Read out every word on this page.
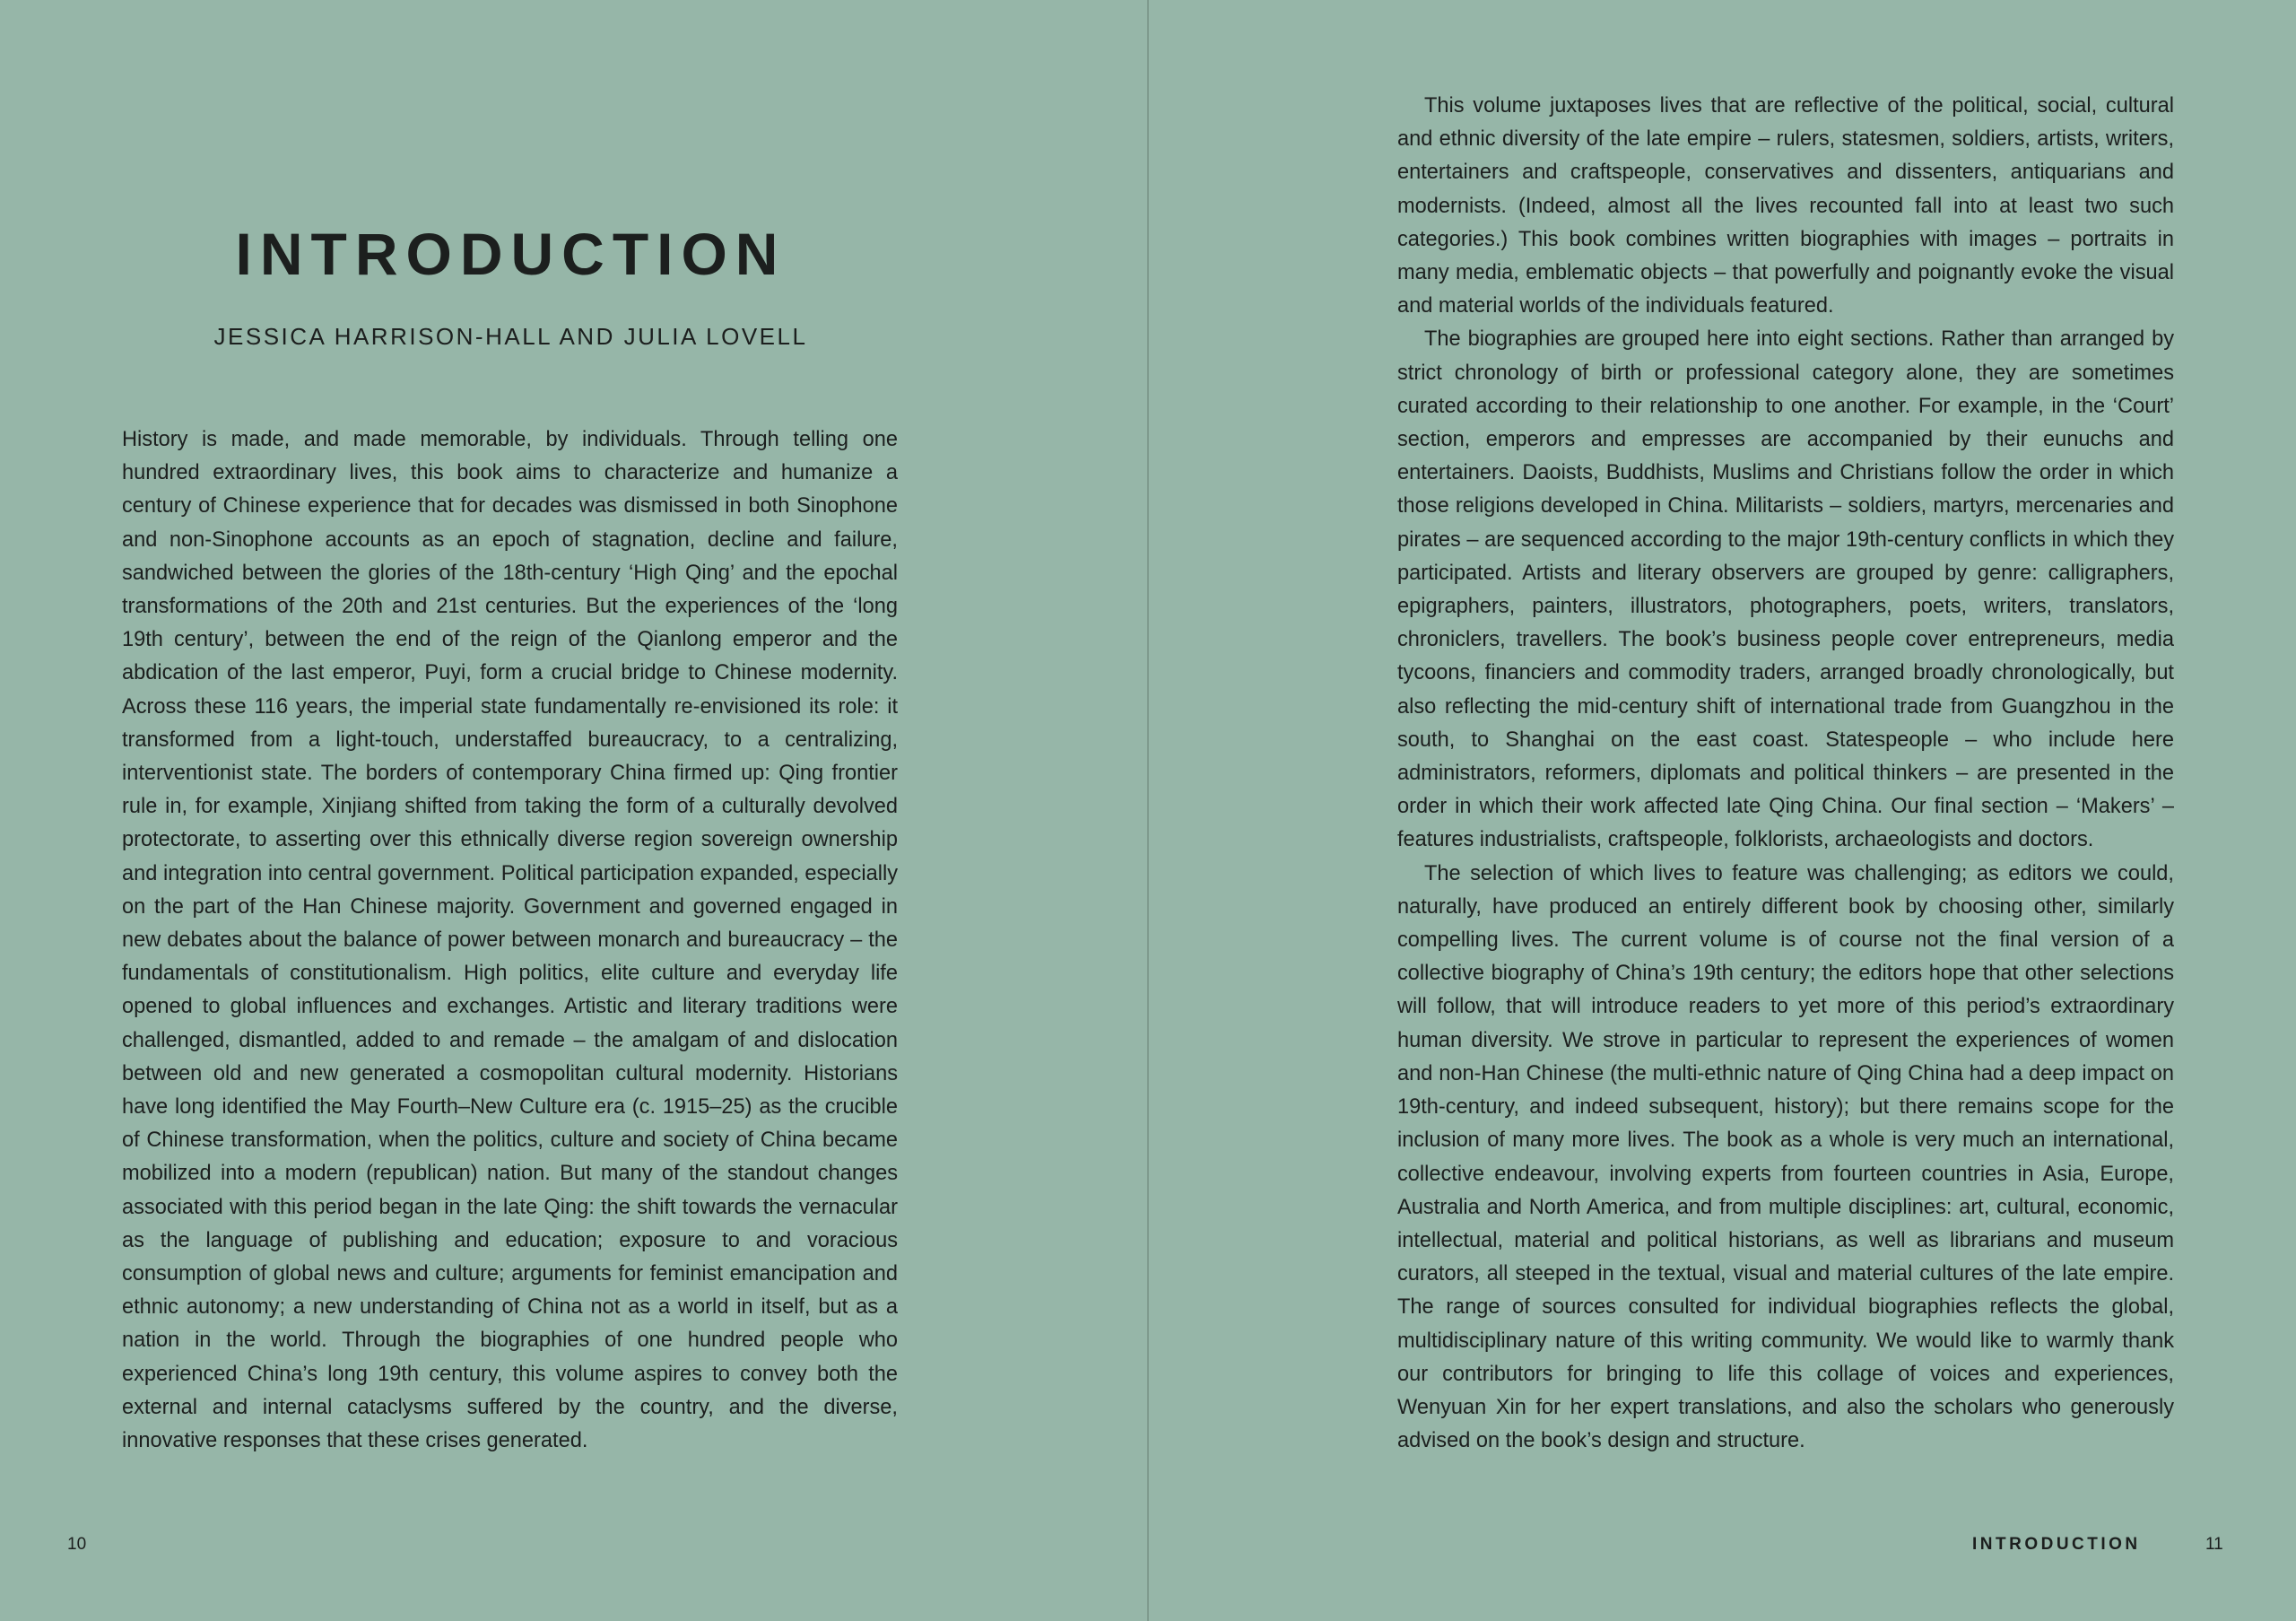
INTRODUCTION
JESSICA HARRISON-HALL AND JULIA LOVELL

History is made, and made memorable, by individuals. Through telling one hundred extraordinary lives, this book aims to characterize and humanize a century of Chinese experience that for decades was dismissed in both Sinophone and non-Sinophone accounts as an epoch of stagnation, decline and failure, sandwiched between the glories of the 18th-century ‘High Qing’ and the epochal transformations of the 20th and 21st centuries. But the experiences of the ‘long 19th century’, between the end of the reign of the Qianlong emperor and the abdication of the last emperor, Puyi, form a crucial bridge to Chinese modernity. Across these 116 years, the imperial state fundamentally re-envisioned its role: it transformed from a light-touch, understaffed bureaucracy, to a centralizing, interventionist state. The borders of contemporary China firmed up: Qing frontier rule in, for example, Xinjiang shifted from taking the form of a culturally devolved protectorate, to asserting over this ethnically diverse region sovereign ownership and integration into central government. Political participation expanded, especially on the part of the Han Chinese majority. Government and governed engaged in new debates about the balance of power between monarch and bureaucracy – the fundamentals of constitutionalism. High politics, elite culture and everyday life opened to global influences and exchanges. Artistic and literary traditions were challenged, dismantled, added to and remade – the amalgam of and dislocation between old and new generated a cosmopolitan cultural modernity. Historians have long identified the May Fourth–New Culture era (c. 1915–25) as the crucible of Chinese transformation, when the politics, culture and society of China became mobilized into a modern (republican) nation. But many of the standout changes associated with this period began in the late Qing: the shift towards the vernacular as the language of publishing and education; exposure to and voracious consumption of global news and culture; arguments for feminist emancipation and ethnic autonomy; a new understanding of China not as a world in itself, but as a nation in the world. Through the biographies of one hundred people who experienced China’s long 19th century, this volume aspires to convey both the external and internal cataclysms suffered by the country, and the diverse, innovative responses that these crises generated.

10

This volume juxtaposes lives that are reflective of the political, social, cultural and ethnic diversity of the late empire – rulers, statesmen, soldiers, artists, writers, entertainers and craftspeople, conservatives and dissenters, antiquarians and modernists. (Indeed, almost all the lives recounted fall into at least two such categories.) This book combines written biographies with images – portraits in many media, emblematic objects – that powerfully and poignantly evoke the visual and material worlds of the individuals featured.

The biographies are grouped here into eight sections. Rather than arranged by strict chronology of birth or professional category alone, they are sometimes curated according to their relationship to one another. For example, in the ‘Court’ section, emperors and empresses are accompanied by their eunuchs and entertainers. Daoists, Buddhists, Muslims and Christians follow the order in which those religions developed in China. Militarists – soldiers, martyrs, mercenaries and pirates – are sequenced according to the major 19th-century conflicts in which they participated. Artists and literary observers are grouped by genre: calligraphers, epigraphers, painters, illustrators, photographers, poets, writers, translators, chroniclers, travellers. The book’s business people cover entrepreneurs, media tycoons, financiers and commodity traders, arranged broadly chronologically, but also reflecting the mid-century shift of international trade from Guangzhou in the south, to Shanghai on the east coast. Statespeople – who include here administrators, reformers, diplomats and political thinkers – are presented in the order in which their work affected late Qing China. Our final section – ‘Makers’ – features industrialists, craftspeople, folklorists, archaeologists and doctors.

The selection of which lives to feature was challenging; as editors we could, naturally, have produced an entirely different book by choosing other, similarly compelling lives. The current volume is of course not the final version of a collective biography of China’s 19th century; the editors hope that other selections will follow, that will introduce readers to yet more of this period’s extraordinary human diversity. We strove in particular to represent the experiences of women and non-Han Chinese (the multi-ethnic nature of Qing China had a deep impact on 19th-century, and indeed subsequent, history); but there remains scope for the inclusion of many more lives. The book as a whole is very much an international, collective endeavour, involving experts from fourteen countries in Asia, Europe, Australia and North America, and from multiple disciplines: art, cultural, economic, intellectual, material and political historians, as well as librarians and museum curators, all steeped in the textual, visual and material cultures of the late empire. The range of sources consulted for individual biographies reflects the global, multidisciplinary nature of this writing community. We would like to warmly thank our contributors for bringing to life this collage of voices and experiences, Wenyuan Xin for her expert translations, and also the scholars who generously advised on the book’s design and structure.

INTRODUCTION	11
